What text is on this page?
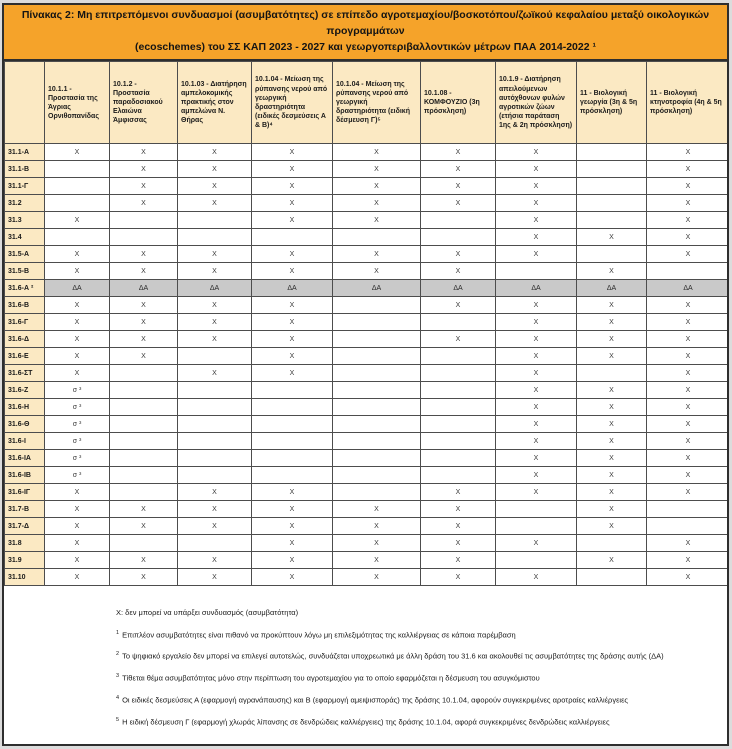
Πίνακας 2: Μη επιτρεπόμενοι συνδυασμοί (ασυμβατότητες) σε επίπεδο αγροτεμαχίου/βοσκοτόπου/ζωϊκού κεφαλαίου μεταξύ οικολογικών προγραμμάτων
(ecoschemes) του ΣΣ ΚΑΠ 2023 - 2027 και γεωργοπεριβαλλοντικών μέτρων ΠΑΑ 2014-2022 ¹
	10.1.1 - Προστασία της Άγριας Ορνιθοπανίδας	10.1.2 - Προστασία παραδοσιακού Ελαιώνα Άμφισσας	10.1.03 - Διατήρηση αμπελοκομικής πρακτικής στον αμπελώνα Ν. Θήρας	10.1.04 - Μείωση της ρύπανσης νερού από γεωργική δραστηριότητα (ειδικές δεσμεύσεις Α & Β)⁴	10.1.04 - Μείωση της ρύπανσης νερού από γεωργική δραστηριότητα (ειδική δέσμευση Γ)⁵	10.1.08 - ΚΟΜΦΟΥΖΙΟ (3η πρόσκληση)	10.1.9 - Διατήρηση απειλούμενων αυτόχθονων φυλών αγροτικών ζώων (ετήσια παράταση 1ης & 2η πρόσκληση)	11 - Βιολογική γεωργία (3η & 5η πρόσκληση)	11 - Βιολογική κτηνοτροφία (4η & 5η πρόσκληση)
31.1-Α	X	X	X	X	X	X	X		X
31.1-Β		X	X	X	X	X	X		X
31.1-Γ		X	X	X	X	X	X		X
31.2		X	X	X	X	X	X		X
31.3	X			X	X		X		X
31.4							X	X	X
31.5-Α	X	X	X	X	X	X	X		X
31.5-Β	X	X	X	X	X	X		X	
31.6-Α ²	ΔΑ	ΔΑ	ΔΑ	ΔΑ	ΔΑ	ΔΑ	ΔΑ	ΔΑ	ΔΑ
31.6-Β	X	X	X	X		X	X	X	X
31.6-Γ	X	X	X	X			X	X	X
31.6-Δ	X	X	X	X		X	X	X	X
31.6-Ε	X	X		X			X	X	X
31.6-ΣΤ	X		X	X			X		X
31.6-Ζ	σ ³						X	X	X
31.6-Η	σ ³						X	X	X
31.6-Θ	σ ³						X	X	X
31.6-Ι	σ ³						X	X	X
31.6-ΙΑ	σ ³						X	X	X
31.6-ΙΒ	σ ³						X	X	X
31.6-ΙΓ	X		X	X		X	X	X	X
31.7-Β	X	X	X	X	X	X		X	
31.7-Δ	X	X	X	X	X	X		X	
31.8	X			X	X	X	X		X
31.9	X	X	X	X	X	X		X	X
31.10	X	X	X	X	X	X	X		X
Χ: δεν μπορεί να υπάρξει συνδυασμός (ασυμβατότητα)
$^1$ Επιπλέον ασυμβατότητες είναι πιθανό να προκύπτουν λόγω μη επιλεξιμότητας της καλλιέργειας σε κάποια παρέμβαση
$^2$ Το ψηφιακό εργαλείο δεν μπορεί να επιλεγεί αυτοτελώς, συνδυάζεται υποχρεωτικά με άλλη δράση του 31.6 και ακολουθεί τις ασυμβατότητες της δράσης αυτής (ΔΑ)
$^3$ Τίθεται θέμα ασυμβατότητας μόνο στην περίπτωση του αγροτεμαχίου για το οποίο εφαρμόζεται η δέσμευση του ασυγκόμιστου
$^4$ Οι ειδικές δεσμεύσεις Α (εφαρμογή αγρανάπαυσης) και Β (εφαρμογή αμειψισποράς) της δράσης 10.1.04, αφορούν συγκεκριμένες αροτραίες καλλιέργειες
$^5$ Η ειδική δέσμευση Γ (εφαρμογή χλωράς λίπανσης σε δενδρώδεις καλλιέργειες) της δράσης 10.1.04, αφορά συγκεκριμένες δενδρώδεις καλλιέργειες
